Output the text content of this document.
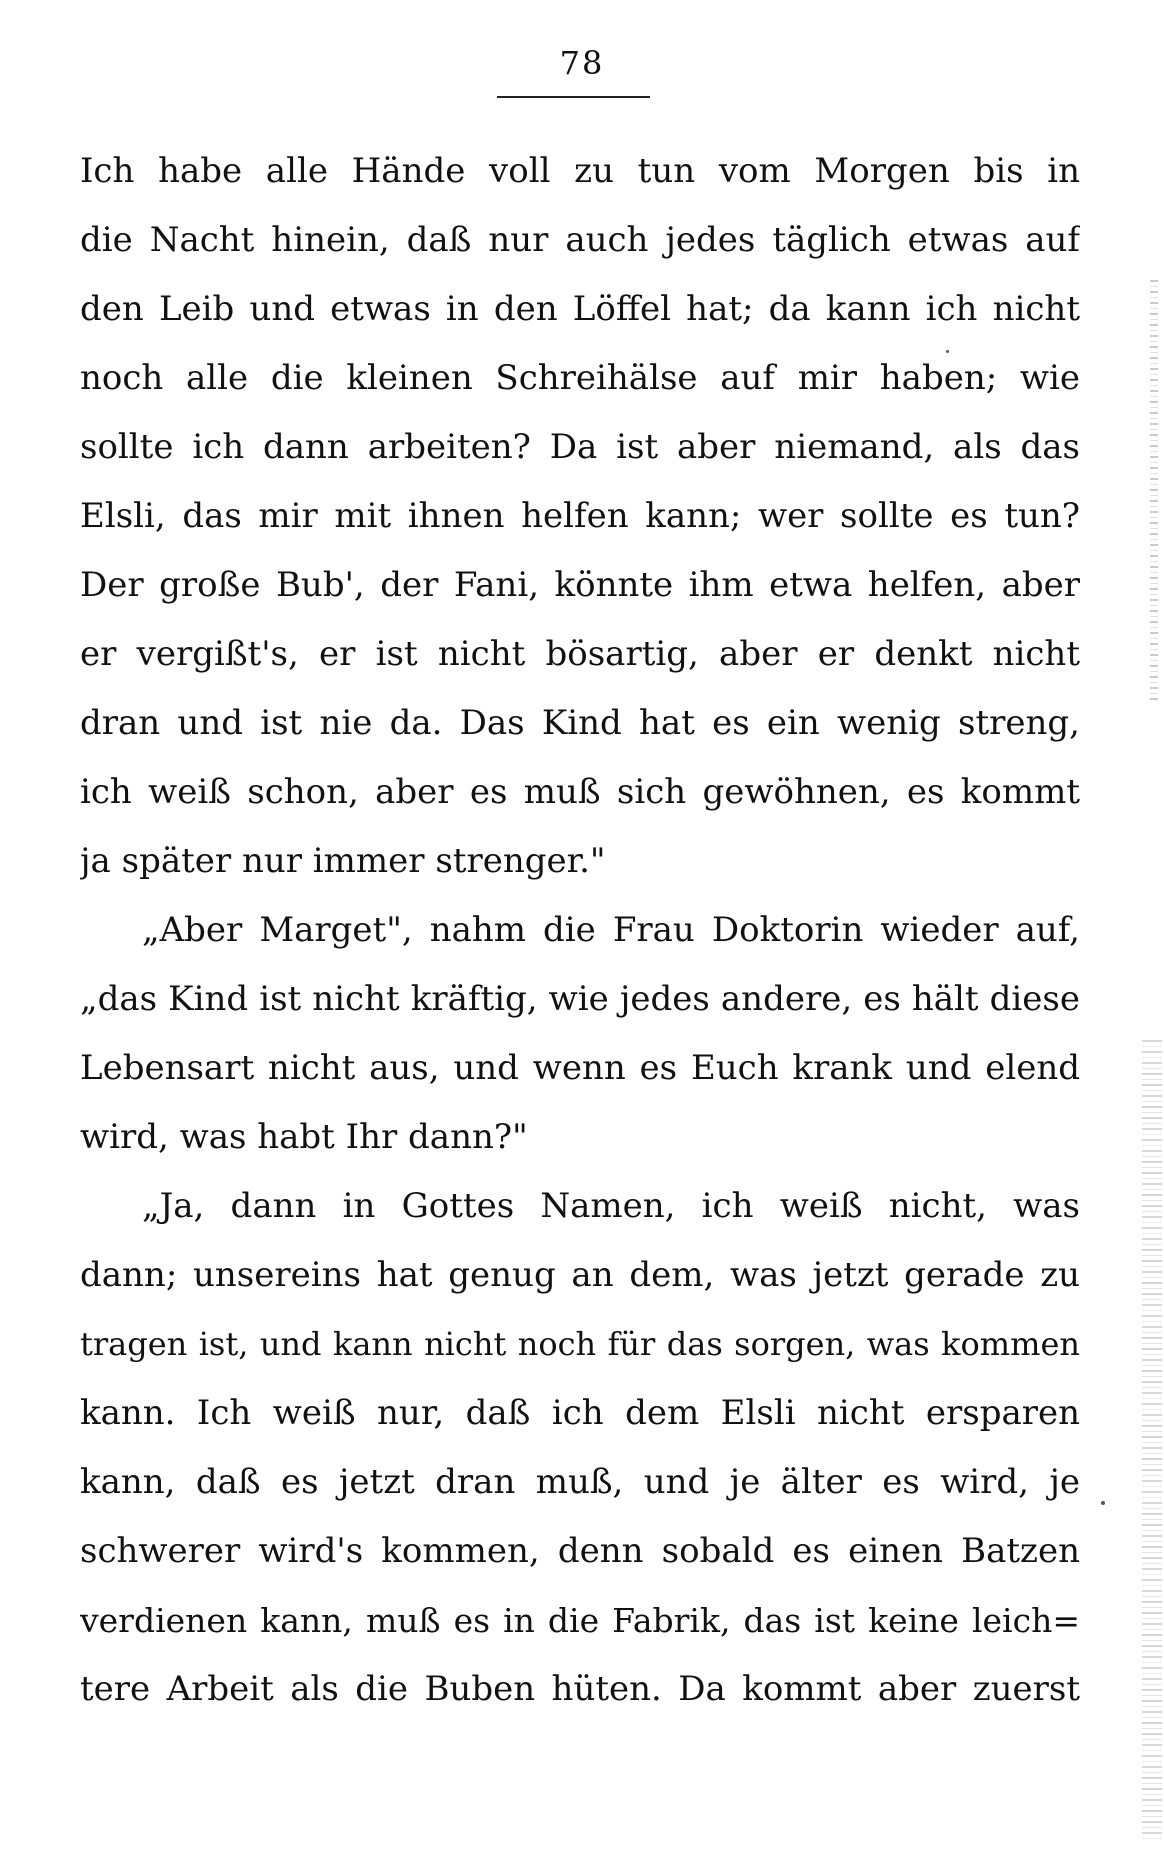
78
Ich habe alle Hände voll zu tun vom Morgen bis in
die Nacht hinein, daß nur auch jedes täglich etwas auf
den Leib und etwas in den Löffel hat; da kann ich nicht
noch alle die kleinen Schreihälse auf mir haben; wie
sollte ich dann arbeiten? Da ist aber niemand, als das
Elsli, das mir mit ihnen helfen kann; wer sollte es tun?
Der große Bub', der Fani, könnte ihm etwa helfen, aber
er vergißt's, er ist nicht bösartig, aber er denkt nicht
dran und ist nie da. Das Kind hat es ein wenig streng,
ich weiß schon, aber es muß sich gewöhnen, es kommt
ja später nur immer strenger."
„Aber Marget", nahm die Frau Doktorin wieder auf,
„das Kind ist nicht kräftig, wie jedes andere, es hält diese
Lebensart nicht aus, und wenn es Euch krank und elend
wird, was habt Ihr dann?"
„Ja, dann in Gottes Namen, ich weiß nicht, was
dann; unsereins hat genug an dem, was jetzt gerade zu
tragen ist, und kann nicht noch für das sorgen, was kommen
kann. Ich weiß nur, daß ich dem Elsli nicht ersparen
kann, daß es jetzt dran muß, und je älter es wird, je
schwerer wird's kommen, denn sobald es einen Batzen
verdienen kann, muß es in die Fabrik, das ist keine leich=
tere Arbeit als die Buben hüten. Da kommt aber zuerst
